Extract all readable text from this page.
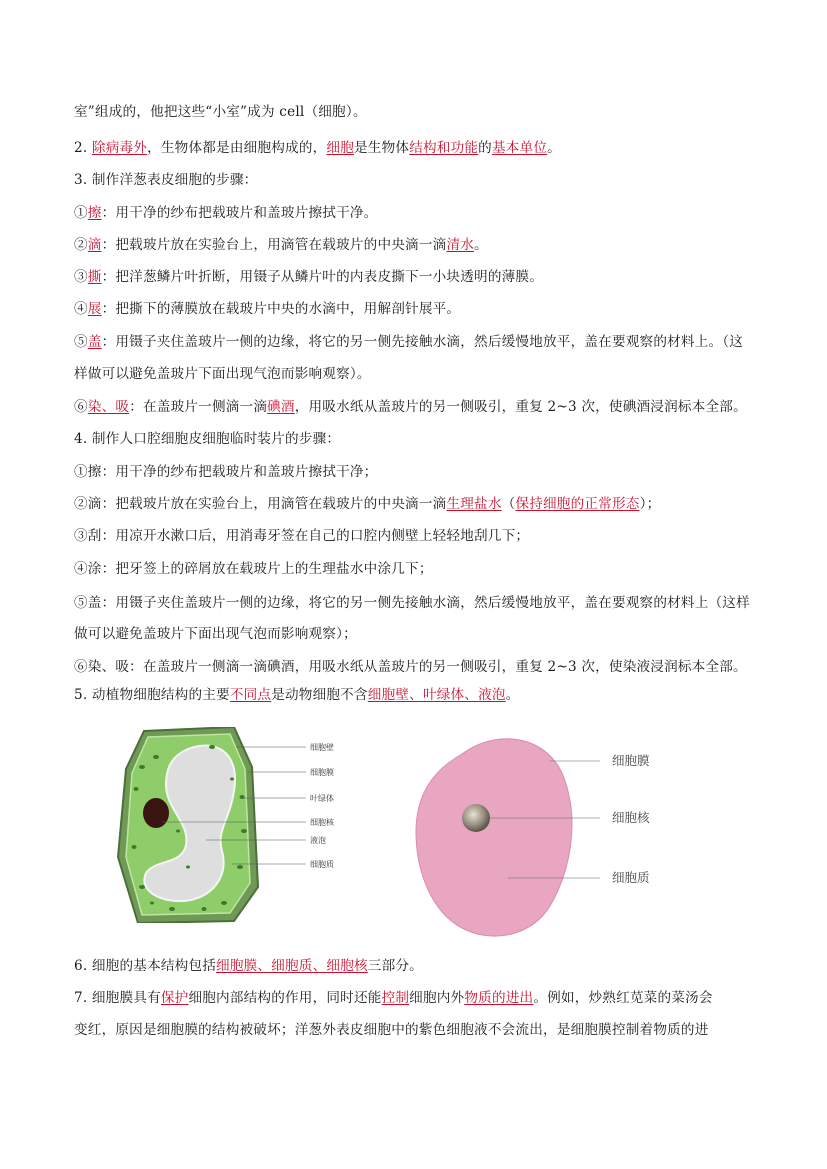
室”组成的，他把这些“小室”成为 cell（细胞）。
2. 除病毒外，生物体都是由细胞构成的，细胞是生物体结构和功能的基本单位。
3. 制作洋葱表皮细胞的步骤：
①擦：用干净的纱布把载玻片和盖玻片擦拭干净。
②滴：把载玻片放在实验台上，用滴管在载玻片的中央滴一滴清水。
③撕：把洋葱鳞片叶折断，用镊子从鳞片叶的内表皮撕下一小块透明的薄膜。
④展：把撕下的薄膜放在载玻片中央的水滴中，用解剖针展平。
⑤盖：用镊子夹住盖玻片一侧的边缘，将它的另一侧先接触水滴，然后缓慢地放平，盖在要观察的材料上。（这
样做可以避免盖玻片下面出现气泡而影响观察）。
⑥染、吸：在盖玻片一侧滴一滴碘酒，用吸水纸从盖玻片的另一侧吸引，重复 2~3 次，使碘酒浸润标本全部。
4. 制作人口腔细胞皮细胞临时装片的步骤：
①擦：用干净的纱布把载玻片和盖玻片擦拭干净；
②滴：把载玻片放在实验台上，用滴管在载玻片的中央滴一滴生理盐水（保持细胞的正常形态）；
③刮：用凉开水漱口后，用消毒牙签在自己的口腔内侧壁上轻轻地刮几下；
④涂：把牙签上的碎屑放在载玻片上的生理盐水中涂几下；
⑤盖：用镊子夹住盖玻片一侧的边缘，将它的另一侧先接触水滴，然后缓慢地放平，盖在要观察的材料上（这样
做可以避免盖玻片下面出现气泡而影响观察）；
⑥染、吸：在盖玻片一侧滴一滴碘酒，用吸水纸从盖玻片的另一侧吸引，重复 2~3 次，使染液浸润标本全部。
5. 动植物细胞结构的主要不同点是动物细胞不含细胞壁、叶绿体、液泡。
6. 细胞的基本结构包括细胞膜、细胞质、细胞核三部分。
7. 细胞膜具有保护细胞内部结构的作用，同时还能控制细胞内外物质的进出。例如，炒熟红苋菜的菜汤会
变红，原因是细胞膜的结构被破坏；洋葱外表皮细胞中的紫色细胞液不会流出，是细胞膜控制着物质的进
细胞壁
细胞膜
叶绿体
细胞核
液泡
细胞质
细胞膜
细胞核
细胞质
